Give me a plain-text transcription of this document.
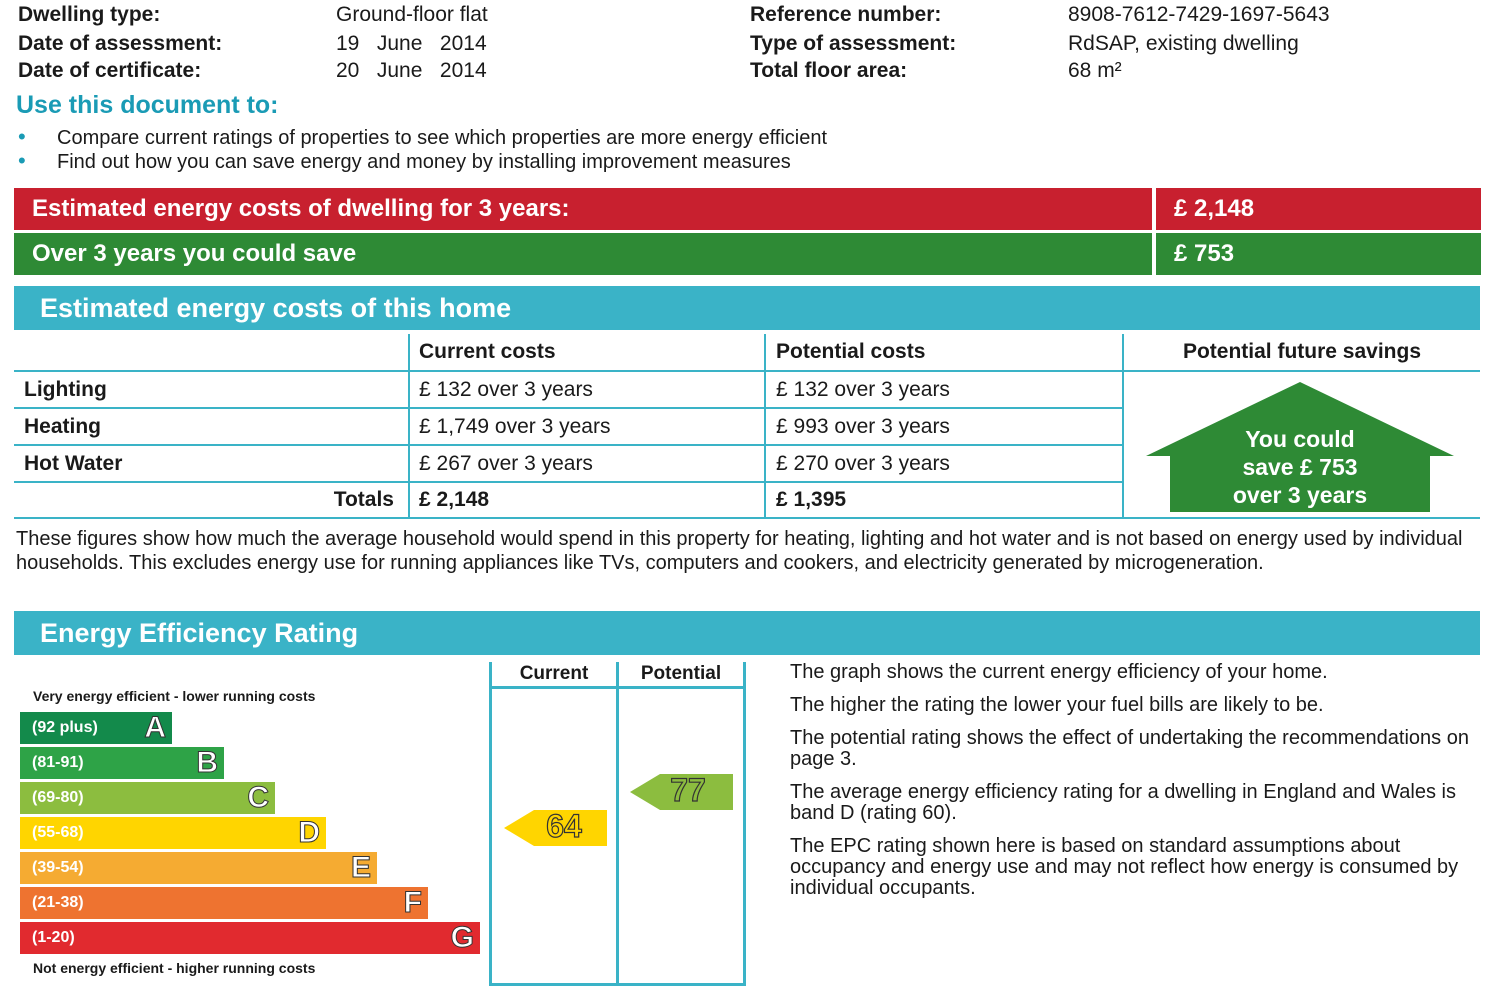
Dwelling type:	Ground-floor flat
Date of assessment:	19   June   2014
Date of certificate:	20   June   2014
Reference number:	8908-7612-7429-1697-5643
Type of assessment:	RdSAP, existing dwelling
Total floor area:	68 m²
Use this document to:
• Compare current ratings of properties to see which properties are more energy efficient
• Find out how you can save energy and money by installing improvement measures
Estimated energy costs of dwelling for 3 years:	£ 2,148
Over 3 years you could save	£ 753
Estimated energy costs of this home
Current costs	Potential costs	Potential future savings
Lighting	£ 132 over 3 years	£ 132 over 3 years
Heating	£ 1,749 over 3 years	£ 993 over 3 years
Hot Water	£ 267 over 3 years	£ 270 over 3 years
Totals £ 2,148	£ 1,395
You could
save £ 753
over 3 years
These figures show how much the average household would spend in this property for heating, lighting and hot water and is not based on energy used by individual households. This excludes energy use for running appliances like TVs, computers and cookers, and electricity generated by microgeneration.
Energy Efficiency Rating
Very energy efficient - lower running costs
(92 plus) A
(81-91)	B
(69-80)	C
(55-68)	D
(39-54)	E
(21-38)	F
(1-20)	G
Not energy efficient - higher running costs
Current	Potential
64
77
The graph shows the current energy efficiency of your home.
The higher the rating the lower your fuel bills are likely to be.
The potential rating shows the effect of undertaking the recommendations on page 3.
The average energy efficiency rating for a dwelling in England and Wales is band D (rating 60).
The EPC rating shown here is based on standard assumptions about occupancy and energy use and may not reflect how energy is consumed by individual occupants.
